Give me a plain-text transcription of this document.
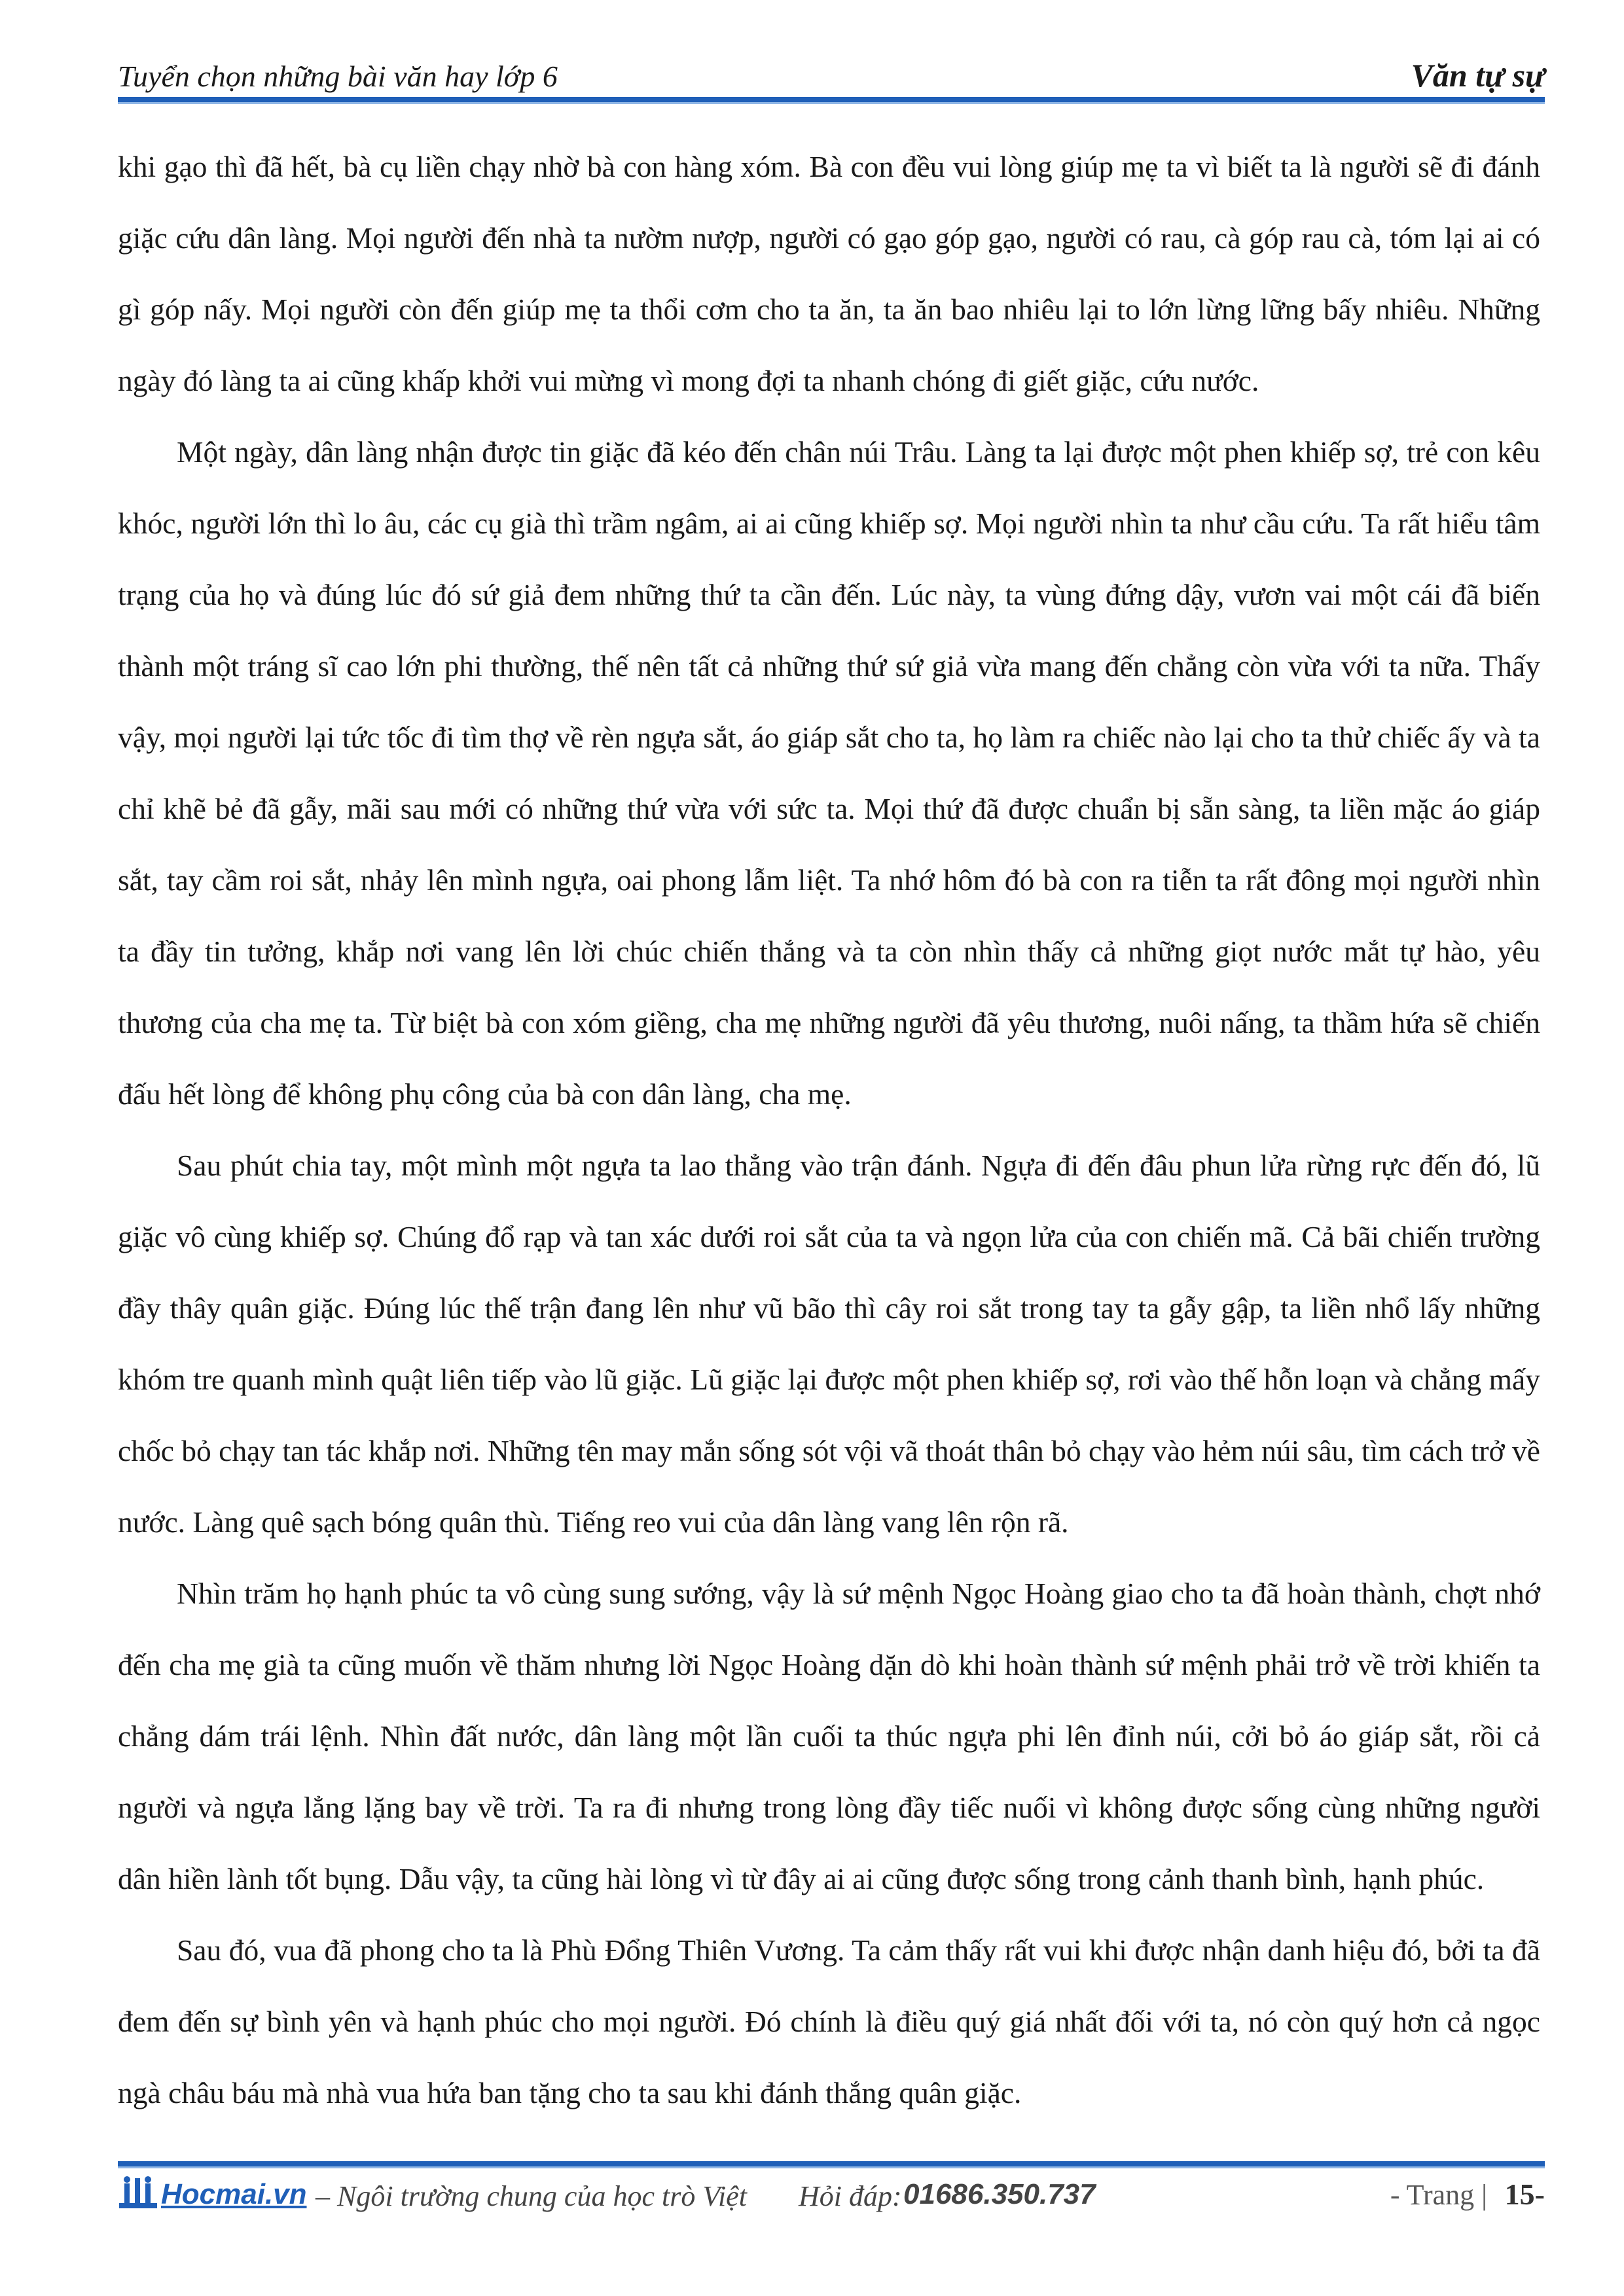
Tuyển chọn những bài văn hay lớp 6	Văn tự sự

khi gạo thì đã hết, bà cụ liền chạy nhờ bà con hàng xóm. Bà con đều vui lòng giúp mẹ ta vì biết ta là người sẽ đi đánh giặc cứu dân làng. Mọi người đến nhà ta nườm nượp, người có gạo góp gạo, người có rau, cà góp rau cà, tóm lại ai có gì góp nấy. Mọi người còn đến giúp mẹ ta thổi cơm cho ta ăn, ta ăn bao nhiêu lại to lớn lừng lững bấy nhiêu. Những ngày đó làng ta ai cũng khấp khởi vui mừng vì mong đợi ta nhanh chóng đi giết giặc, cứu nước.

Một ngày, dân làng nhận được tin giặc đã kéo đến chân núi Trâu. Làng ta lại được một phen khiếp sợ, trẻ con kêu khóc, người lớn thì lo âu, các cụ già thì trầm ngâm, ai ai cũng khiếp sợ. Mọi người nhìn ta như cầu cứu. Ta rất hiểu tâm trạng của họ và đúng lúc đó sứ giả đem những thứ ta cần đến. Lúc này, ta vùng đứng dậy, vươn vai một cái đã biến thành một tráng sĩ cao lớn phi thường, thế nên tất cả những thứ sứ giả vừa mang đến chẳng còn vừa với ta nữa. Thấy vậy, mọi người lại tức tốc đi tìm thợ về rèn ngựa sắt, áo giáp sắt cho ta, họ làm ra chiếc nào lại cho ta thử chiếc ấy và ta chỉ khẽ bẻ đã gẫy, mãi sau mới có những thứ vừa với sức ta. Mọi thứ đã được chuẩn bị sẵn sàng, ta liền mặc áo giáp sắt, tay cầm roi sắt, nhảy lên mình ngựa, oai phong lẫm liệt. Ta nhớ hôm đó bà con ra tiễn ta rất đông mọi người nhìn ta đầy tin tưởng, khắp nơi vang lên lời chúc chiến thắng và ta còn nhìn thấy cả những giọt nước mắt tự hào, yêu thương của cha mẹ ta. Từ biệt bà con xóm giềng, cha mẹ những người đã yêu thương, nuôi nấng, ta thầm hứa sẽ chiến đấu hết lòng để không phụ công của bà con dân làng, cha mẹ.

Sau phút chia tay, một mình một ngựa ta lao thẳng vào trận đánh. Ngựa đi đến đâu phun lửa rừng rực đến đó, lũ giặc vô cùng khiếp sợ. Chúng đổ rạp và tan xác dưới roi sắt của ta và ngọn lửa của con chiến mã. Cả bãi chiến trường đầy thây quân giặc. Đúng lúc thế trận đang lên như vũ bão thì cây roi sắt trong tay ta gẫy gập, ta liền nhổ lấy những khóm tre quanh mình quật liên tiếp vào lũ giặc. Lũ giặc lại được một phen khiếp sợ, rơi vào thế hỗn loạn và chẳng mấy chốc bỏ chạy tan tác khắp nơi. Những tên may mắn sống sót vội vã thoát thân bỏ chạy vào hẻm núi sâu, tìm cách trở về nước. Làng quê sạch bóng quân thù. Tiếng reo vui của dân làng vang lên rộn rã.

Nhìn trăm họ hạnh phúc ta vô cùng sung sướng, vậy là sứ mệnh Ngọc Hoàng giao cho ta đã hoàn thành, chợt nhớ đến cha mẹ già ta cũng muốn về thăm nhưng lời Ngọc Hoàng dặn dò khi hoàn thành sứ mệnh phải trở về trời khiến ta chẳng dám trái lệnh. Nhìn đất nước, dân làng một lần cuối ta thúc ngựa phi lên đỉnh núi, cởi bỏ áo giáp sắt, rồi cả người và ngựa lẳng lặng bay về trời. Ta ra đi nhưng trong lòng đầy tiếc nuối vì không được sống cùng những người dân hiền lành tốt bụng. Dẫu vậy, ta cũng hài lòng vì từ đây ai ai cũng được sống trong cảnh thanh bình, hạnh phúc.

Sau đó, vua đã phong cho ta là Phù Đổng Thiên Vương. Ta cảm thấy rất vui khi được nhận danh hiệu đó, bởi ta đã đem đến sự bình yên và hạnh phúc cho mọi người. Đó chính là điều quý giá nhất đối với ta, nó còn quý hơn cả ngọc ngà châu báu mà nhà vua hứa ban tặng cho ta sau khi đánh thắng quân giặc.

Hocmai.vn – Ngôi trường chung của học trò Việt Hỏi đáp: 01686.350.737	- Trang | 15-
